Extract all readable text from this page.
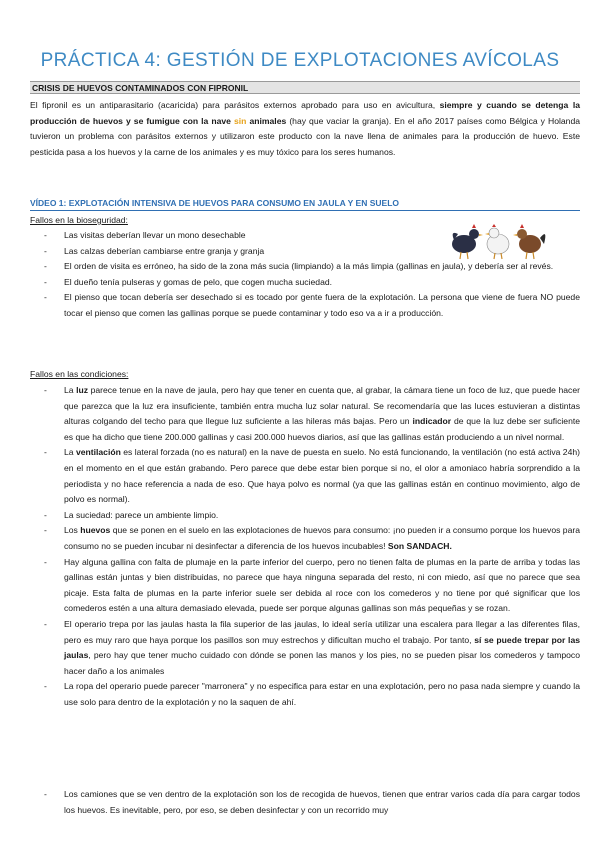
PRÁCTICA 4: GESTIÓN DE EXPLOTACIONES AVÍCOLAS
CRISIS DE HUEVOS CONTAMINADOS CON FIPRONIL
El fipronil es un antiparasitario (acaricida) para parásitos externos aprobado para uso en avicultura, siempre y cuando se detenga la producción de huevos y se fumigue con la nave sin animales (hay que vaciar la granja). En el año 2017 países como Bélgica y Holanda tuvieron un problema con parásitos externos y utilizaron este producto con la nave llena de animales para la producción de huevo. Este pesticida pasa a los huevos y la carne de los animales y es muy tóxico para los seres humanos.
VÍDEO 1: EXPLOTACIÓN INTENSIVA DE HUEVOS PARA CONSUMO EN JAULA Y EN SUELO
Fallos en la bioseguridad:
- Las visitas deberían llevar un mono desechable
- Las calzas deberían cambiarse entre granja y granja
- El orden de visita es erróneo, ha sido de la zona más sucia (limpiando) a la más limpia (gallinas en jaula), y debería ser al revés.
- El dueño tenía pulseras y gomas de pelo, que cogen mucha suciedad.
- El pienso que tocan debería ser desechado si es tocado por gente fuera de la explotación. La persona que viene de fuera NO puede tocar el pienso que comen las gallinas porque se puede contaminar y todo eso va a ir a producción.
Fallos en las condiciones:
- La luz parece tenue en la nave de jaula, pero hay que tener en cuenta que, al grabar, la cámara tiene un foco de luz, que puede hacer que parezca que la luz era insuficiente, también entra mucha luz solar natural. Se recomendaría que las luces estuvieran a distintas alturas colgando del techo para que llegue luz suficiente a las hileras más bajas. Pero un indicador de que la luz debe ser suficiente es que ha dicho que tiene 200.000 gallinas y casi 200.000 huevos diarios, así que las gallinas están produciendo a un nivel normal.
- La ventilación es lateral forzada (no es natural) en la nave de puesta en suelo. No está funcionando, la ventilación (no está activa 24h) en el momento en el que están grabando. Pero parece que debe estar bien porque si no, el olor a amoniaco habría sorprendido a la periodista y no hace referencia a nada de eso. Que haya polvo es normal (ya que las gallinas están en continuo movimiento, algo de polvo es normal).
- La suciedad: parece un ambiente limpio.
- Los huevos que se ponen en el suelo en las explotaciones de huevos para consumo: ¡no pueden ir a consumo porque los huevos para consumo no se pueden incubar ni desinfectar a diferencia de los huevos incubables! Son SANDACH.
- Hay alguna gallina con falta de plumaje en la parte inferior del cuerpo, pero no tienen falta de plumas en la parte de arriba y todas las gallinas están juntas y bien distribuidas, no parece que haya ninguna separada del resto, ni con miedo, así que no parece que sea picaje. Esta falta de plumas en la parte inferior suele ser debida al roce con los comederos y no tiene por qué significar que los comederos estén a una altura demasiado elevada, puede ser porque algunas gallinas son más pequeñas y se rozan.
- El operario trepa por las jaulas hasta la fila superior de las jaulas, lo ideal sería utilizar una escalera para llegar a las diferentes filas, pero es muy raro que haya porque los pasillos son muy estrechos y dificultan mucho el trabajo. Por tanto, sí se puede trepar por las jaulas, pero hay que tener mucho cuidado con dónde se ponen las manos y los pies, no se pueden pisar los comederos y tampoco hacer daño a los animales
- La ropa del operario puede parecer "marronera" y no especifica para estar en una explotación, pero no pasa nada siempre y cuando la use solo para dentro de la explotación y no la saquen de ahí.
- Los camiones que se ven dentro de la explotación son los de recogida de huevos, tienen que entrar varios cada día para cargar todos los huevos. Es inevitable, pero, por eso, se deben desinfectar y con un recorrido muy
